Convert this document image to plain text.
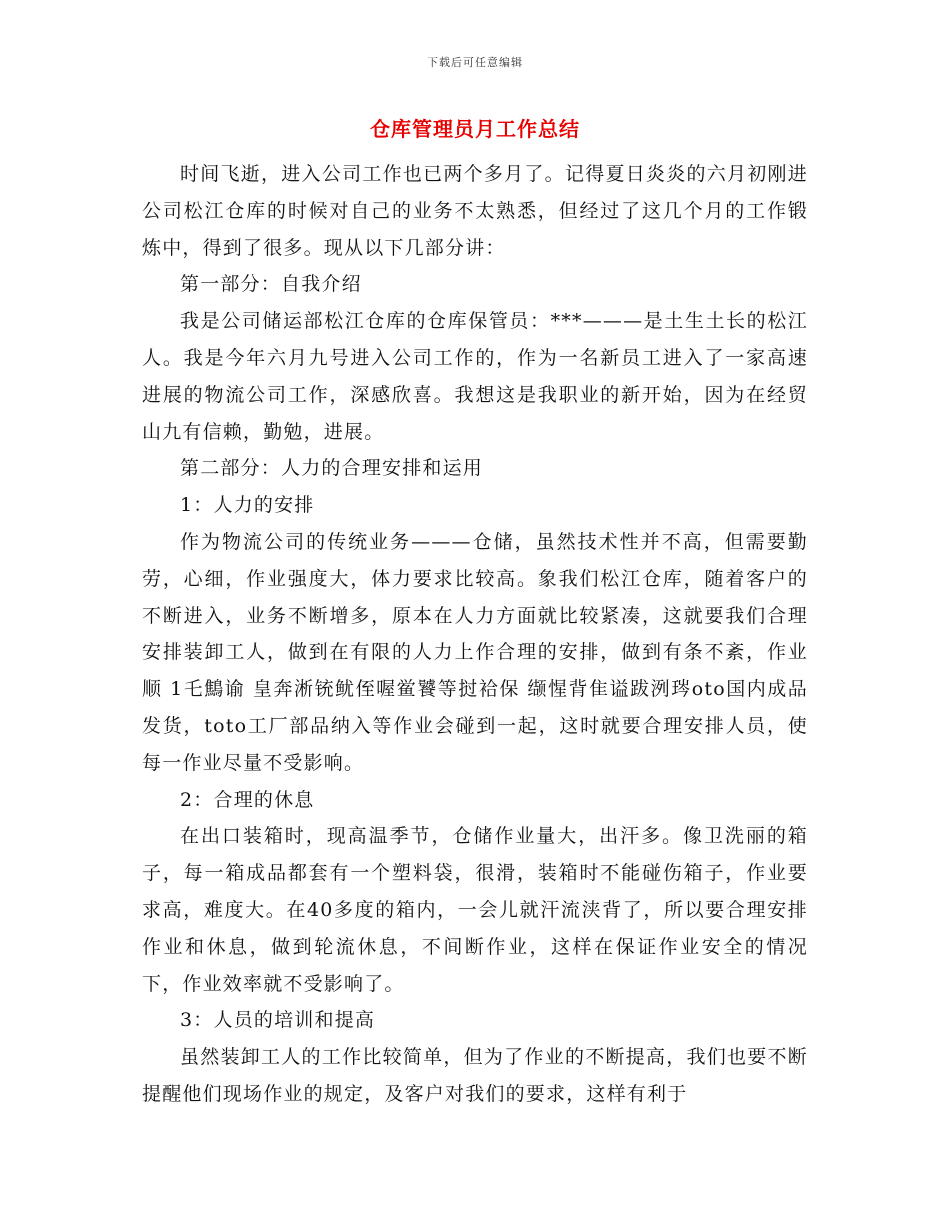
下载后可任意编辑
仓库管理员月工作总结

时间飞逝，进入公司工作也已两个多月了。记得夏日炎炎的六月初刚进公司松江仓库的时候对自己的业务不太熟悉，但经过了这几个月的工作锻炼中，得到了很多。现从以下几部分讲：

第一部分：自我介绍

我是公司储运部松江仓库的仓库保管员：***———是土生土长的松江人。我是今年六月九号进入公司工作的，作为一名新员工进入了一家高速进展的物流公司工作，深感欣喜。我想这是我职业的新开始，因为在经贸山九有信赖，勤勉，进展。

第二部分：人力的合理安排和运用

1：人力的安排

作为物流公司的传统业务———仓储，虽然技术性并不高，但需要勤劳，心细，作业强度大，体力要求比较高。象我们松江仓库，随着客户的不断进入，业务不断增多，原本在人力方面就比较紧凑，这就要我们合理安排装卸工人，做到在有限的人力上作合理的安排，做到有条不紊，作业顺 1乇鷦谕 皇奔淅铳鱿侄喔鲎饕等挝袷保 缬惺背隹谥跋洌琌oto国内成品发货，toto工厂部品纳入等作业会碰到一起，这时就要合理安排人员，使每一作业尽量不受影响。

2：合理的休息

在出口装箱时，现高温季节，仓储作业量大，出汗多。像卫洗丽的箱子，每一箱成品都套有一个塑料袋，很滑，装箱时不能碰伤箱子，作业要求高，难度大。在40多度的箱内，一会儿就汗流浃背了，所以要合理安排作业和休息，做到轮流休息，不间断作业，这样在保证作业安全的情况下，作业效率就不受影响了。

3：人员的培训和提高

虽然装卸工人的工作比较简单，但为了作业的不断提高，我们也要不断提醒他们现场作业的规定，及客户对我们的要求，这样有利于
